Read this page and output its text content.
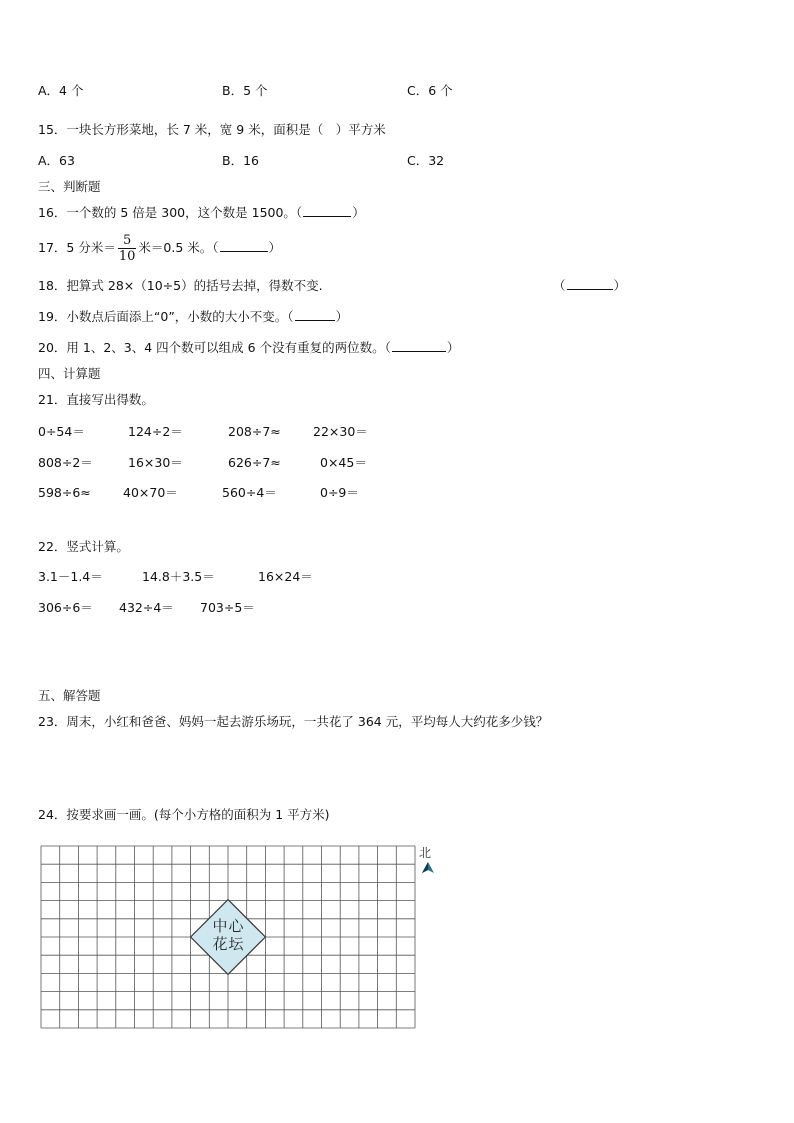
A．4 个	B．5 个	C．6 个
15．一块长方形菜地，长 7 米，宽 9 米，面积是（　）平方米
A．63	B．16	C．32
三、判断题
16．一个数的 5 倍是 300，这个数是 1500。（	）
17．5 分米＝ $\frac{5}{10}$ 米＝0.5 米。（	）
18．把算式 28×（10÷5）的括号去掉，得数不变.	（	）
19．小数点后面添上“0”，小数的大小不变。（	）
20．用 1、2、3、4 四个数可以组成 6 个没有重复的两位数。（	）
四、计算题
21．直接写出得数。
0÷54＝	124÷2＝	208÷7≈	22×30＝
808÷2＝	16×30＝	626÷7≈	0×45＝
598÷6≈	40×70＝	560÷4＝	0÷9＝
22．竖式计算。
3.1－1.4＝	14.8＋3.5＝	16×24＝
306÷6＝ 432÷4＝ 703÷5＝
五、解答题
23．周末，小红和爸爸、妈妈一起去游乐场玩，一共花了 364 元，平均每人大约花多少钱？
24．按要求画一画。(每个小方格的面积为 1 平方米)
中 心
花 坛
北
